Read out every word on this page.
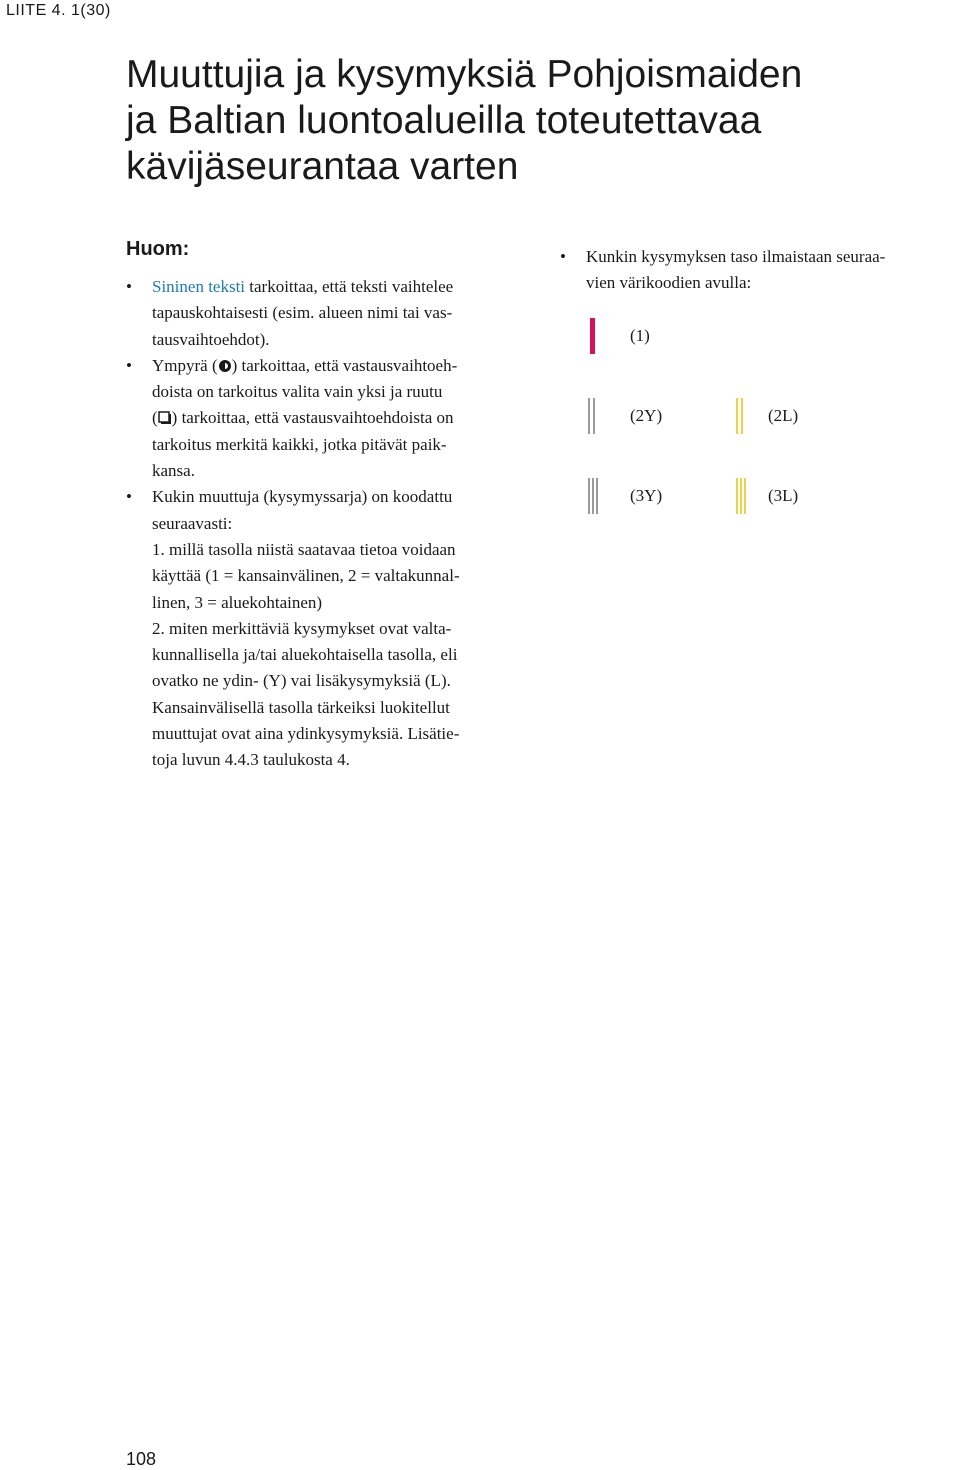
LIITE 4. 1(30)
Muuttujia ja kysymyksiä Pohjoismaiden
ja Baltian luontoalueilla toteutettavaa
kävijäseurantaa varten
Huom:
• Sininen teksti tarkoittaa, että teksti vaihtelee
tapauskohtaisesti (esim. alueen nimi tai vas-
tausvaihtoehdot).
• Ympyrä ( ) tarkoittaa, että vastausvaihtoeh-
doista on tarkoitus valita vain yksi ja ruutu
( ) tarkoittaa, että vastausvaihtoehdoista on
tarkoitus merkitä kaikki, jotka pitävät paik-
kansa.
• Kukin muuttuja (kysymyssarja) on koodattu
seuraavasti:
1. millä tasolla niistä saatavaa tietoa voidaan
käyttää (1 = kansainvälinen, 2 = valtakunnal-
linen, 3 = aluekohtainen)
2. miten merkittäviä kysymykset ovat valta-
kunnallisella ja/tai aluekohtaisella tasolla, eli
ovatko ne ydin- (Y) vai lisäkysymyksiä (L).
Kansainvälisellä tasolla tärkeiksi luokitellut
muuttujat ovat aina ydinkysymyksiä. Lisätie-
toja luvun 4.4.3 taulukosta 4.
• Kunkin kysymyksen taso ilmaistaan seuraa-
vien värikoodien avulla:
(1)
(2Y)	(2L)
(3Y)	(3L)
108
